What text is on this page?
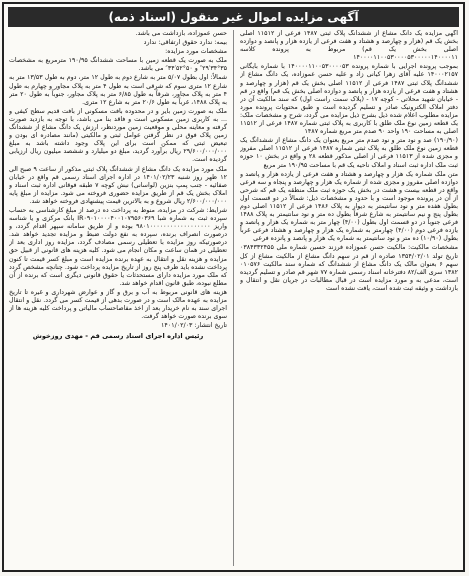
آگهی مزایده اموال غیر منقول (اسناد ذمه)

آگهی مزایده یک دانگ مشاع از ششدانگ پلاک ثبتی ۱۴۸۷ فرعی از ۱۱۵۱۲ اصلی بخش یک قم (هزار و چهارصد و هشتاد و هفت فرعی از یازده هزار و پانصد و دوازده اصلی بخش یک قم) مربوط به پرونده کلاسه ۱۴۰۰۰۰۱۱۰۰۵۳۰۰۰۰۵۳۰۰۰۰۰۱۴۰۰۰۰۱۱

بموجب پرونده اجرایی با شماره پرونده ۱۴۰۰۰۰۱۱۰۰۵۳۰۰۰۰۵۳ با شماره بایگانی ۱۴۰۰۰۲۱۵۷ علیه آقای زهرا کیانی زاد و علیه حسن عموزاده، یک دانگ مشاع از ششدانگ پلاک ثبتی ۱۴۸۷ فرعی از ۱۱۵۱۲ اصلی بخش یک قم (هزار و چهارصد و هشتاد و هفت فرعی از یازده هزار و پانصد و دوازده اصلی بخش یک قم) واقع در قم - خیابان شهید محلاتی - کوچه ۱۷ - (پلاک سمت راست اول) که سند مالکیت آن در دفتر املاک الکترونیک صادر و تسلیم گردیده است و طبق محتویات پرونده مورد مزایده مطلوب اعلام شده ذیل بشرح ذیل مزایده می گردد، شرح و مشخصات ملک: یک قطعه زمین نوع ملک طلق با کاربری به پلاک ثبتی شماره ۱۴۸۷ فرعی از ۱۱۵۱۲ اصلی به مساحت ۱۹۰ واحد ۹۰ صدم متر مربع شماره ۱۴۸۷

(۱۹۰/۹۰) صد و نود متر و نود صدم متر مربع بعنوان یک دانگ مشاع از ششدانگ یک قطعه زمین نوع ملک طلق به پلاک ثبتی شماره ۱۴۸۷ فرعی از ۱۱۵۱۲ اصلی مفروز و مجزی شده از ۱۱۵۱۳ فرعی از اصلی مذکور قطعه ۲۸ و واقع در بخش ۱۰ حوزه ثبت ملک اداره ثبت اسناد و املاک ناحیه یک قم با مساحت ۱۹۰/۹۵ متر مربع

متن ملک شماره یک هزار و چهارصد و هشتاد و هفت فرعی از یازده هزار و پانصد و دوازده اصلی مفروز و مجزی شده از شماره یک هزار و چهارصد و پنجاه و سه فرعی واقع در قطعه بیست و هشت در بخش یک حوزه ثبت ملک منطقه یک قم که شرحی از آن در پرونده موجود است و با حدود و مشخصات ذیل: شمالاً در دو قسمت اول بطول هفده متر و نود سانتیمتر به دیوار به پلاک ۱۴۸۶ فرعی از ۱۱۵۱۲ اصلی دوم بطول پنج و نیم سانتیمتر به شارع شرقاً بطول ده متر و نود سانتیمتر به پلاک ۱۴۸۸ فرعی جنوباً در دو قسمت اول بطول (۴/۰۰) چهار متر به شماره یک هزار و پانصد و یازده فرعی دوم (۴/۰۰) چهارمتر به شماره یک هزار و چهارصد و هشتاد فرعی غرباً بطول (۱۰/۹۰) ده متر و نود سانتیمتر به شماره یک هزار و پانصد و پانزده فرعی

مشخصات مالکیت: مالکیت حسن عموزاده فرزند حسین شماره ملی ۰۳۸۴۳۳۲۴۵۵ تاریخ تولد ۱۳۵۴/۰۲/۰۱ صادره از قم در سهم دانگ مشاع از مالکیت مشاع از کل سهم ۶ بعنوان مالک یک دانگ مشاع از ششدانگ که شماره سند مالکیت ۰۱۰۵۷۶ ۱۳۸۲ سری الف/۸۲ دفترخانه اسناد رسمی شماره ۷۷ شهر قم صادر و تسلیم گردیده است، مدعی به و مورد مزایده است در قبال مطالبات در جریان نقل و انتقال و بازداشت و وثیقه ثبت شده است، یافت نشده است

حسن عموزاده، بازداشت می باشد.

بیمه: ندارد حقوق ارتفاقی: ندارد

مشخصات مورد مزایده:

ملک به صورت یک قطعه زمین با مساحت ششدانگ ۱۹۰/۹۵ مترمربع به مشخصات ۳۵°۳۴′۲۹″ و ۵۰°۵۲′۳۴″ می باشد.

شمالاً: اول بطول ۵/۰۷ متر به شارع دوم به طول ۱۲ متر، دوم به طول ۱۳/۵۳ متر به شارع ۱۲ متری سوم که شرقی است به طول ۴ متر به پلاک مجاور و چهارم به طول ۴ متر به پلاک مجاور، شرقاً به طول ۶/۸۵ متر به پلاک مجاور، جنوباً به طول ۲۰ متر به پلاک ۱۴۸۸، غرباً به طول ۲۰/۶ متر به شارع ۱۲ متری.

ملک به صورت زمین بایر و در محدوده بافت مسکونی از بافت قدیم سطح کیفی و ... به کاربری زمین مسکونی است و فاقد بنا می باشد، با توجه به بازدید صورت گرفته و معاینه محلی و موقعیت زمین موردنظر، ارزش یک دانگ مشاع از ششدانگ زمین پلاک فوق در نظر گرفتن عوامل ثبتی و مالکیتی (مانند مصادره ای بودن و تبعیض ثبتی که ممکن است برای این پلاک وجود داشته باشد به مبلغ ۲۹/۶۰۰/۰۰۰/۰۰۰ ریال برآورد گردید، مبلغ دو میلیارد و ششصد میلیون ریال ارزیابی گردیده است.

ملک مورد مزایده یک دانگ مشاع از ششدانگ پلاک ثبتی مذکور از ساعت ۹ صبح الی ۱۲ ظهر روز شنبه ۱۴۰۱/۰۲/۲۳ در اداره اجرای اسناد رسمی قم واقع در خیابان صفائیه - جنب پمپ بنزین (لواسانی) نبش کوچه ۷ طبقه فوقانی اداره ثبت اسناد و املاک بخش یک قم از طریق مزایده حضوری فروخته می شود. مزایده از مبلغ پایه ۲/۶۰۰/۰۰۰/۰۰۰ ریال شروع و به بالاترین قیمت پیشنهادی فروخته خواهد شد.

شرایط: شرکت در مزایده، منوط به پرداخت ده درصد از مبلغ کارشناسی به حساب سپرده ثبت به شماره شبا IR۰۹۰۱۰۰۰۰۴۰۰۱۰۷۹۵۶۰۳۶۹ بانک مرکزی و یا شناسه واریز ۹۸۰۱۰۰۰۰۰۰۰۰۰۰۰۰۰۰۰۰۰۰ بوده و از طریق سامانه سپهر اقدام گردد، و درصورت انصراف برنده، سپرده به نفع دولت ضبط و مزایده تجدید خواهد شد. درصورتیکه روز مزایده با تعطیلی رسمی مصادف گردد، مزایده روز اداری بعد از تعطیلی در همان ساعت و مکان انجام می شود. کلیه هزینه های قانونی از قبیل حق مزایده و هزینه نقل و انتقال به عهده برنده مزایده است و مبلغ کسر قیمت تا کنون پرداخت نشده باید ظرف پنج روز از تاریخ مزایده پرداخت شود. چنانچه مشخص گردد که ملک مورد مزایده دارای مستحدثات یا حقوق قانونی دیگری است که برنده از آن مطلع نبوده، طبق قانون اقدام خواهد شد.

هزینه های قانونی مربوط به آب و برق و گاز و عوارض شهرداری و غیره تا تاریخ مزایده به عهده مالک است و در صورت بدهی از قیمت کسر می گردد. نقل و انتقال اجرای سند به نام خریدار بعد از اخذ مفاصاحساب مالیاتی و پرداخت کلیه هزینه ها از سوی برنده صورت خواهد گرفت.

تاریخ انتشار: ۱۴۰۱/۰۲/۰۳

رئیس اداره اجرای اسناد رسمی قم - مهدی روزخوش
